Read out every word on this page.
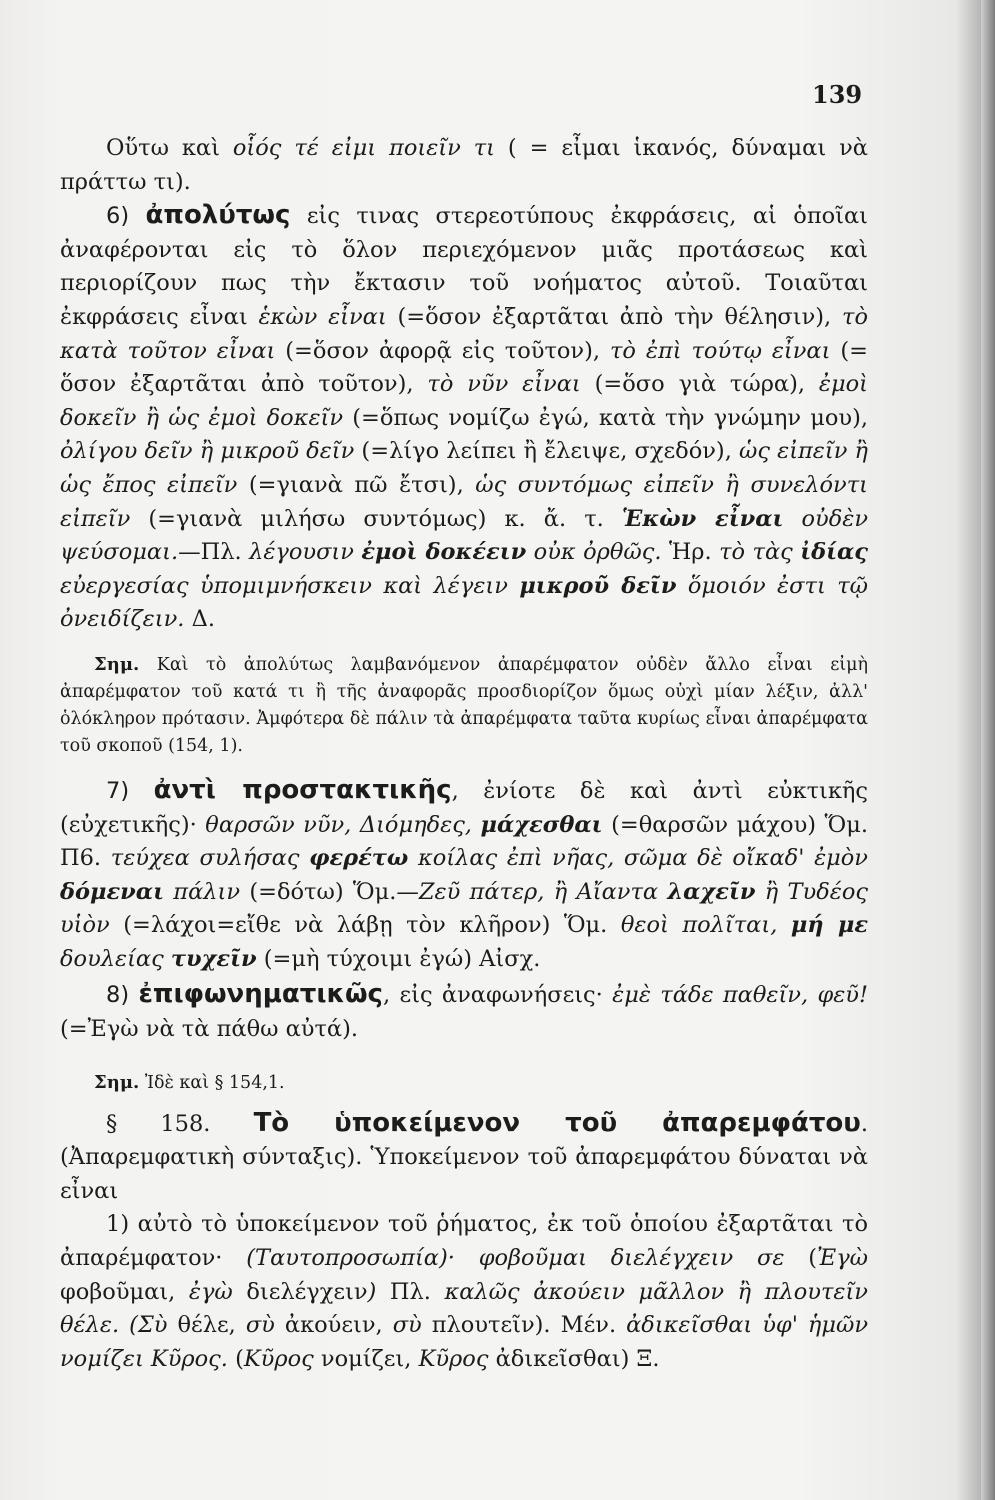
139

Οὕτω καὶ οἷός τέ εἰμι ποιεῖν τι ( = εἶμαι ἱκανός, δύναμαι νὰ πράττω τι).

6) ἀπολύτως εἰς τινας στερεοτύπους ἐκφράσεις, αἱ ὁποῖαι ἀναφέρονται εἰς τὸ ὅλον περιεχόμενον μιᾶς προτάσεως καὶ περιορίζουν πως τὴν ἔκτασιν τοῦ νοήματος αὐτοῦ. Τοιαῦται ἐκφράσεις εἶναι ἑκὼν εἶναι (=ὅσον ἐξαρτᾶται ἀπὸ τὴν θέλησιν), τὸ κατὰ τοῦτον εἶναι (=ὅσον ἀφορᾷ εἰς τοῦτον), τὸ ἐπὶ τούτῳ εἶναι (= ὅσον ἐξαρτᾶται ἀπὸ τοῦτον), τὸ νῦν εἶναι (=ὅσο γιὰ τώρα), ἐμοὶ δοκεῖν ἢ ὡς ἐμοὶ δοκεῖν (=ὅπως νομίζω ἐγώ, κατὰ τὴν γνώμην μου), ὀλίγου δεῖν ἢ μικροῦ δεῖν (=λίγο λείπει ἢ ἔλειψε, σχεδόν), ὡς εἰπεῖν ἢ ὡς ἔπος εἰπεῖν (=γιανὰ πῶ ἔτσι), ὡς συντόμως εἰπεῖν ἢ συνελόντι εἰπεῖν (=γιανὰ μιλήσω συντόμως) κ. ἄ. τ. Ἑκὼν εἶναι οὐδὲν ψεύσομαι.—Πλ. λέγουσιν ἐμοὶ δοκέειν οὐκ ὀρθῶς. Ἡρ. τὸ τὰς ἰδίας εὐεργεσίας ὑπομιμνήσκειν καὶ λέγειν μικροῦ δεῖν ὅμοιόν ἐστι τῷ ὀνειδίζειν. Δ.

Σημ. Καὶ τὸ ἀπολύτως λαμβανόμενον ἀπαρέμφατον οὐδὲν ἄλλο εἶναι εἰμὴ ἀπαρέμφατον τοῦ κατά τι ἢ τῆς ἀναφορᾶς προσδιορίζον ὅμως οὐχὶ μίαν λέξιν, ἀλλ' ὁλόκληρον πρότασιν. Ἀμφότερα δὲ πάλιν τὰ ἀπαρέμφατα ταῦτα κυρίως εἶναι ἀπαρέμφατα τοῦ σκοποῦ (154, 1).

7) ἀντὶ προστακτικῆς, ἐνίοτε δὲ καὶ ἀντὶ εὐκτικῆς (εὐχετικῆς)· θαρσῶν νῦν, Διόμηδες, μάχεσθαι (=θαρσῶν μάχου) Ὅμ. Π6. τεύχεα συλήσας φερέτω κοίλας ἐπὶ νῆας, σῶμα δὲ οἴκαδ' ἐμὸν δόμεναι πάλιν (=δότω) Ὅμ.—Ζεῦ πάτερ, ἢ Αἴαντα λαχεῖν ἢ Τυδέος υἱὸν (=λάχοι=εἴθε νὰ λάβῃ τὸν κλῆρον) Ὅμ. θεοὶ πολῖται, μή με δουλείας τυχεῖν (=μὴ τύχοιμι ἐγώ) Αἰσχ.

8) ἐπιφωνηματικῶς, εἰς ἀναφωνήσεις· ἐμὲ τάδε παθεῖν, φεῦ! (=Ἐγὼ νὰ τὰ πάθω αὐτά).

Σημ. Ἰδὲ καὶ § 154,1.

§ 158. Τὸ ὑποκείμενον τοῦ ἀπαρεμφάτου. (Ἀπαρεμφατικὴ σύνταξις). Ὑποκείμενον τοῦ ἀπαρεμφάτου δύναται νὰ εἶναι

1) αὐτὸ τὸ ὑποκείμενον τοῦ ῥήματος, ἐκ τοῦ ὁποίου ἐξαρτᾶται τὸ ἀπαρέμφατον· (Ταυτοπροσωπία)· φοβοῦμαι διελέγχειν σε (Ἐγὼ φοβοῦμαι, ἐγὼ διελέγχειν) Πλ. καλῶς ἀκούειν μᾶλλον ἢ πλουτεῖν θέλε. (Σὺ θέλε, σὺ ἀκούειν, σὺ πλουτεῖν). Μέν. ἀδικεῖσθαι ὑφ' ἡμῶν νομίζει Κῦρος. (Κῦρος νομίζει, Κῦρος ἀδικεῖσθαι) Ξ.
